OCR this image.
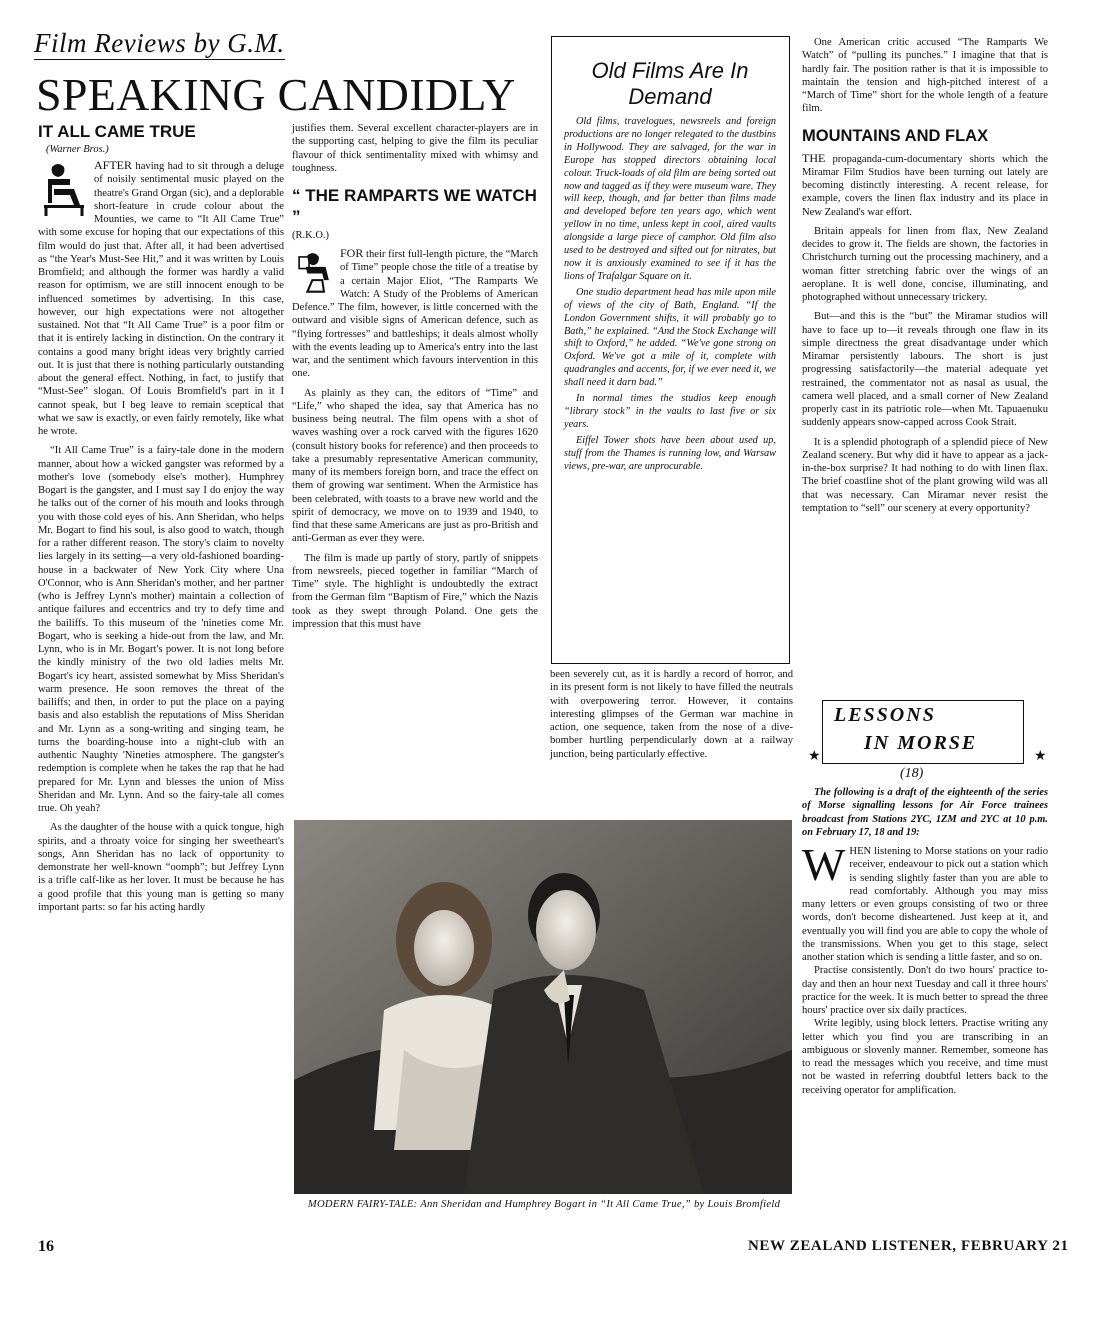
Film Reviews by G.M.
SPEAKING CANDIDLY
IT ALL CAME TRUE
(Warner Bros.)

AFTER having had to sit through a deluge of noisily sentimental music played on the theatre's Grand Organ (sic), and a deplorable short-feature in crude colour about the Mounties, we came to “It All Came True” with some excuse for hoping that our expectations of this film would do just that. After all, it had been advertised as “the Year's Must-See Hit,” and it was written by Louis Bromfield; and although the former was hardly a valid reason for optimism, we are still innocent enough to be influenced sometimes by advertising. In this case, however, our high expectations were not altogether sustained. Not that “It All Came True” is a poor film or that it is entirely lacking in distinction. On the contrary it contains a good many bright ideas very brightly carried out. It is just that there is nothing particularly outstanding about the general effect. Nothing, in fact, to justify that “Must-See” slogan. Of Louis Bromfield's part in it I cannot speak, but I beg leave to remain sceptical that what we saw is exactly, or even fairly remotely, like what he wrote.

“It All Came True” is a fairy-tale done in the modern manner, about how a wicked gangster was reformed by a mother's love (somebody else's mother). Humphrey Bogart is the gangster, and I must say I do enjoy the way he talks out of the corner of his mouth and looks through you with those cold eyes of his. Ann Sheridan, who helps Mr. Bogart to find his soul, is also good to watch, though for a rather different reason. The story's claim to novelty lies largely in its setting—a very old-fashioned boarding-house in a backwater of New York City where Una O'Connor, who is Ann Sheridan's mother, and her partner (who is Jeffrey Lynn's mother) maintain a collection of antique failures and eccentrics and try to defy time and the bailiffs. To this museum of the 'nineties come Mr. Bogart, who is seeking a hide-out from the law, and Mr. Lynn, who is in Mr. Bogart's power. It is not long before the kindly ministry of the two old ladies melts Mr. Bogart's icy heart, assisted somewhat by Miss Sheridan's warm presence. He soon removes the threat of the bailiffs; and then, in order to put the place on a paying basis and also establish the reputations of Miss Sheridan and Mr. Lynn as a song-writing and singing team, he turns the boarding-house into a night-club with an authentic Naughty 'Nineties atmosphere. The gangster's redemption is complete when he takes the rap that he had prepared for Mr. Lynn and blesses the union of Miss Sheridan and Mr. Lynn. And so the fairy-tale all comes true. Oh yeah?

As the daughter of the house with a quick tongue, high spirits, and a throaty voice for singing her sweetheart's songs, Ann Sheridan has no lack of opportunity to demonstrate her well-known “oomph”; but Jeffrey Lynn is a trifle calf-like as her lover. It must be because he has a good profile that this young man is getting so many important parts: so far his acting hardly

justifies them. Several excellent character-players are in the supporting cast, helping to give the film its peculiar flavour of thick sentimentality mixed with whimsy and toughness.

“ THE RAMPARTS WE WATCH ”
(R.K.O.)

FOR their first full-length picture, the “March of Time” people chose the title of a treatise by a certain Major Eliot, “The Ramparts We Watch: A Study of the Problems of American Defence.” The film, however, is little concerned with the outward and visible signs of American defence, such as “flying fortresses” and battleships; it deals almost wholly with the events leading up to America's entry into the last war, and the sentiment which favours intervention in this one.

As plainly as they can, the editors of “Time” and “Life,” who shaped the idea, say that America has no business being neutral. The film opens with a shot of waves washing over a rock carved with the figures 1620 (consult history books for reference) and then proceeds to take a presumably representative American community, many of its members foreign born, and trace the effect on them of growing war sentiment. When the Armistice has been celebrated, with toasts to a brave new world and the spirit of democracy, we move on to 1939 and 1940, to find that these same Americans are just as pro-British and anti-German as ever they were.

The film is made up partly of story, partly of snippets from newsreels, pieced together in familiar “March of Time” style. The highlight is undoubtedly the extract from the German film “Baptism of Fire,” which the Nazis took as they swept through Poland. One gets the impression that this must have

Old Films Are In Demand

Old films, travelogues, newsreels and foreign productions are no longer relegated to the dustbins in Hollywood. They are salvaged, for the war in Europe has stopped directors obtaining local colour. Truck-loads of old film are being sorted out now and tagged as if they were museum ware. They will keep, though, and far better than films made and developed before ten years ago, which went yellow in no time, unless kept in cool, aired vaults alongside a large piece of camphor. Old film also used to be destroyed and sifted out for nitrates, but now it is anxiously examined to see if it has the lions of Trafalgar Square on it.

One studio department head has mile upon mile of views of the city of Bath, England. “If the London Government shifts, it will probably go to Bath,” he explained. “And the Stock Exchange will shift to Oxford,” he added. “We've gone strong on Oxford. We've got a mile of it, complete with quadrangles and accents, for, if we ever need it, we shall need it darn bad.”

In normal times the studios keep enough “library stock” in the vaults to last five or six years.

Eiffel Tower shots have been about used up, stuff from the Thames is running low, and Warsaw views, pre-war, are unprocurable.

been severely cut, as it is hardly a record of horror, and in its present form is not likely to have filled the neutrals with overpowering terror. However, it contains interesting glimpses of the German war machine in action, one sequence, taken from the nose of a dive-bomber hurtling perpendicularly down at a railway junction, being particularly effective.

MODERN FAIRY-TALE: Ann Sheridan and Humphrey Bogart in “It All Came True,” by Louis Bromfield

One American critic accused “The Ramparts We Watch” of “pulling its punches.” I imagine that that is hardly fair. The position rather is that it is impossible to maintain the tension and high-pitched interest of a “March of Time” short for the whole length of a feature film.

MOUNTAINS AND FLAX

THE propaganda-cum-documentary shorts which the Miramar Film Studios have been turning out lately are becoming distinctly interesting. A recent release, for example, covers the linen flax industry and its place in New Zealand's war effort.

Britain appeals for linen from flax, New Zealand decides to grow it. The fields are shown, the factories in Christchurch turning out the processing machinery, and a woman fitter stretching fabric over the wings of an aeroplane. It is well done, concise, illuminating, and photographed without unnecessary trickery.

But—and this is the “but” the Miramar studios will have to face up to—it reveals through one flaw in its simple directness the great disadvantage under which Miramar persistently labours. The short is just progressing satisfactorily—the material adequate yet restrained, the commentator not as nasal as usual, the camera well placed, and a small corner of New Zealand properly cast in its patriotic role—when Mt. Tapuaenuku suddenly appears snow-capped across Cook Strait.

It is a splendid photograph of a splendid piece of New Zealand scenery. But why did it have to appear as a jack-in-the-box surprise? It had nothing to do with linen flax. The brief coastline shot of the plant growing wild was all that was necessary. Can Miramar never resist the temptation to “sell” our scenery at every opportunity?

LESSONS
IN MORSE
★	★
(18)

The following is a draft of the eighteenth of the series of Morse signalling lessons for Air Force trainees broadcast from Stations 2YC, 1ZM and 2YC at 10 p.m. on February 17, 18 and 19:

W HEN listening to Morse stations on your radio receiver, endeavour to pick out a station which is sending slightly faster than you are able to read comfortably. Although you may miss many letters or even groups consisting of two or three words, don't become disheartened. Just keep at it, and eventually you will find you are able to copy the whole of the transmissions. When you get to this stage, select another station which is sending a little faster, and so on.

Practise consistently. Don't do two hours' practice to-day and then an hour next Tuesday and call it three hours' practice for the week. It is much better to spread the three hours' practice over six daily practices.

Write legibly, using block letters. Practise writing any letter which you find you are transcribing in an ambiguous or slovenly manner. Remember, someone has to read the messages which you receive, and time must not be wasted in referring doubtful letters back to the receiving operator for amplification.

16	NEW ZEALAND LISTENER, FEBRUARY 21
